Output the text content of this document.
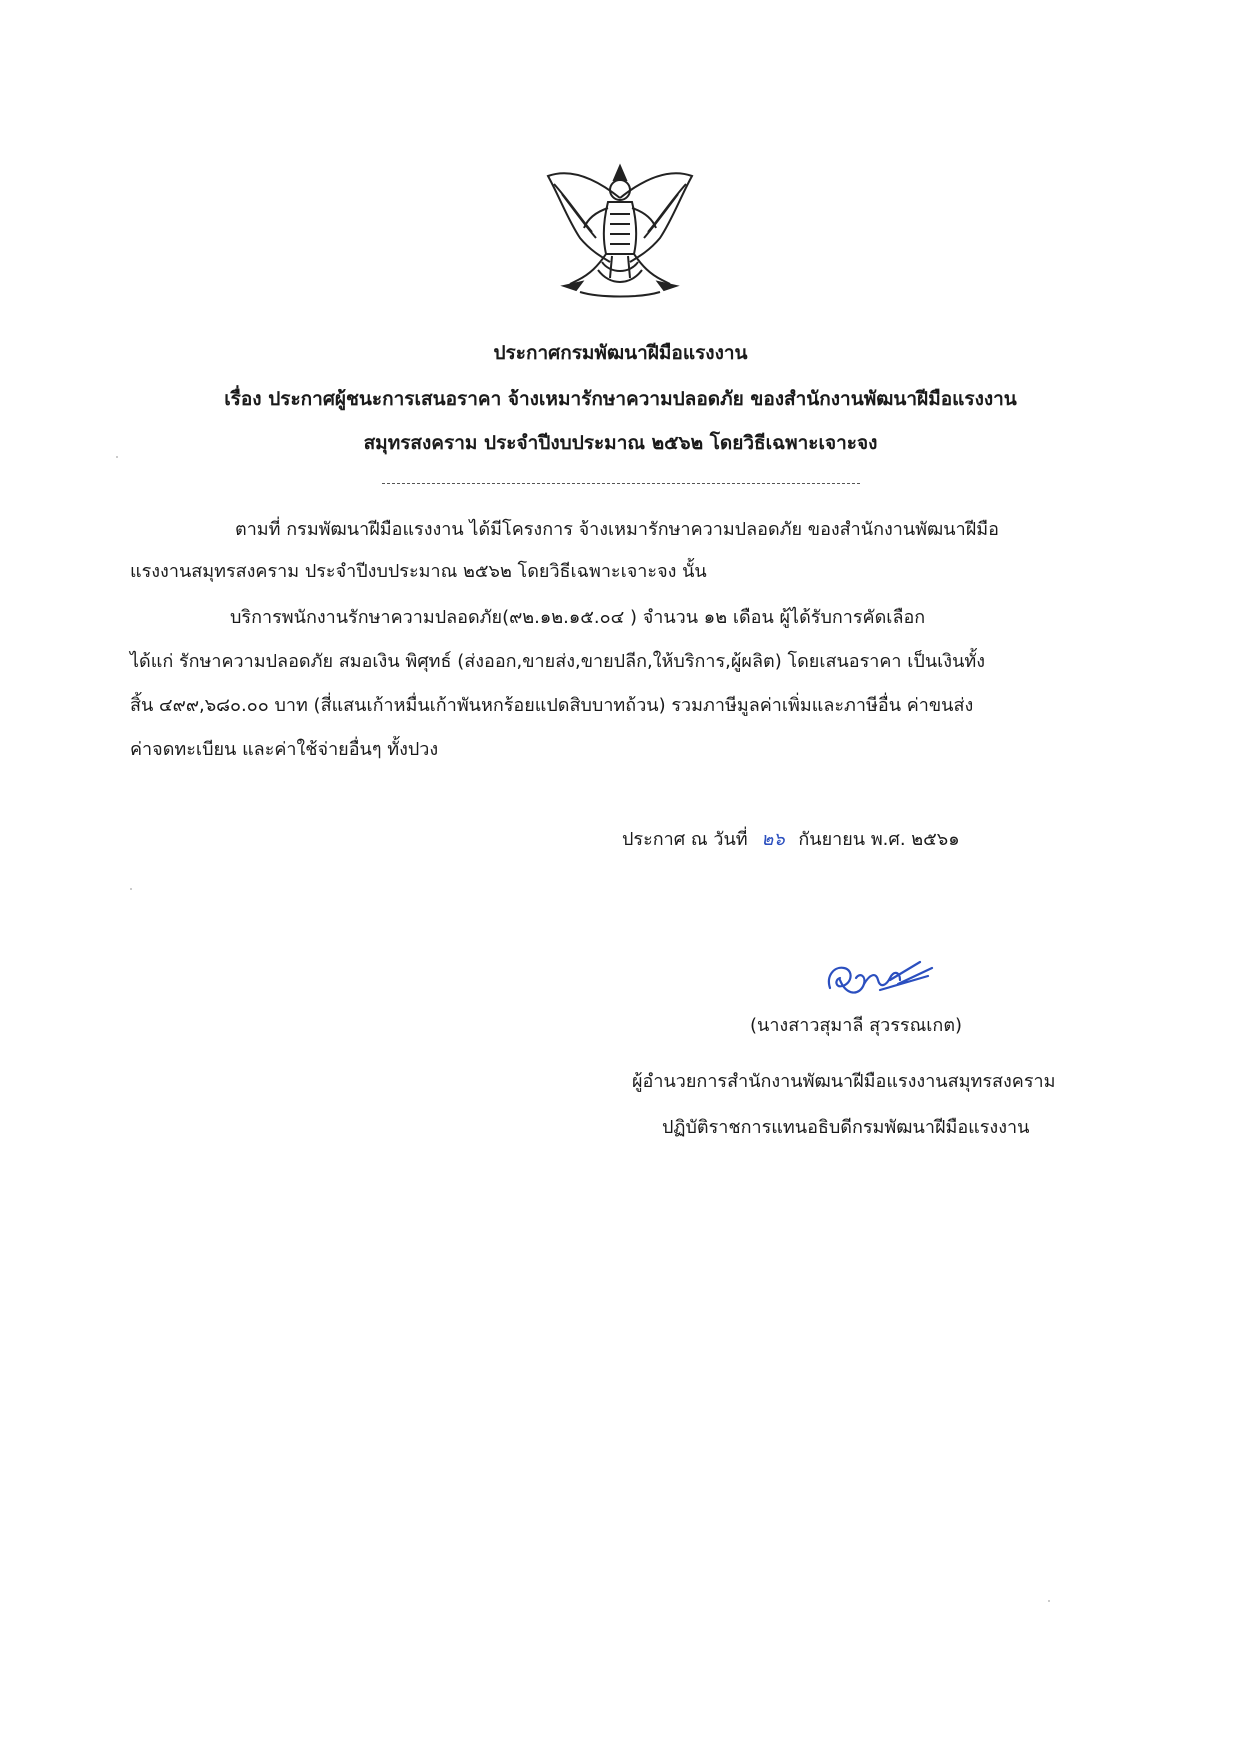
ประกาศกรมพัฒนาฝีมือแรงงาน
เรื่อง ประกาศผู้ชนะการเสนอราคา จ้างเหมารักษาความปลอดภัย ของสำนักงานพัฒนาฝีมือแรงงาน
สมุทรสงคราม ประจำปีงบประมาณ ๒๕๖๒ โดยวิธีเฉพาะเจาะจง
ตามที่ กรมพัฒนาฝีมือแรงงาน ได้มีโครงการ จ้างเหมารักษาความปลอดภัย ของสำนักงานพัฒนาฝีมือ
แรงงานสมุทรสงคราม ประจำปีงบประมาณ ๒๕๖๒ โดยวิธีเฉพาะเจาะจง นั้น
บริการพนักงานรักษาความปลอดภัย(๙๒.๑๒.๑๕.๐๔ ) จำนวน ๑๒ เดือน ผู้ได้รับการคัดเลือก
ได้แก่ รักษาความปลอดภัย สมอเงิน พิศุทธ์ (ส่งออก,ขายส่ง,ขายปลีก,ให้บริการ,ผู้ผลิต) โดยเสนอราคา เป็นเงินทั้ง
สิ้น ๔๙๙,๖๘๐.๐๐ บาท (สี่แสนเก้าหมื่นเก้าพันหกร้อยแปดสิบบาทถ้วน) รวมภาษีมูลค่าเพิ่มและภาษีอื่น ค่าขนส่ง
ค่าจดทะเบียน และค่าใช้จ่ายอื่นๆ ทั้งปวง
ประกาศ ณ วันที่ ๒๖ กันยายน พ.ศ. ๒๕๖๑
(นางสาวสุมาลี สุวรรณเกต)
ผู้อำนวยการสำนักงานพัฒนาฝีมือแรงงานสมุทรสงคราม
ปฏิบัติราชการแทนอธิบดีกรมพัฒนาฝีมือแรงงาน
